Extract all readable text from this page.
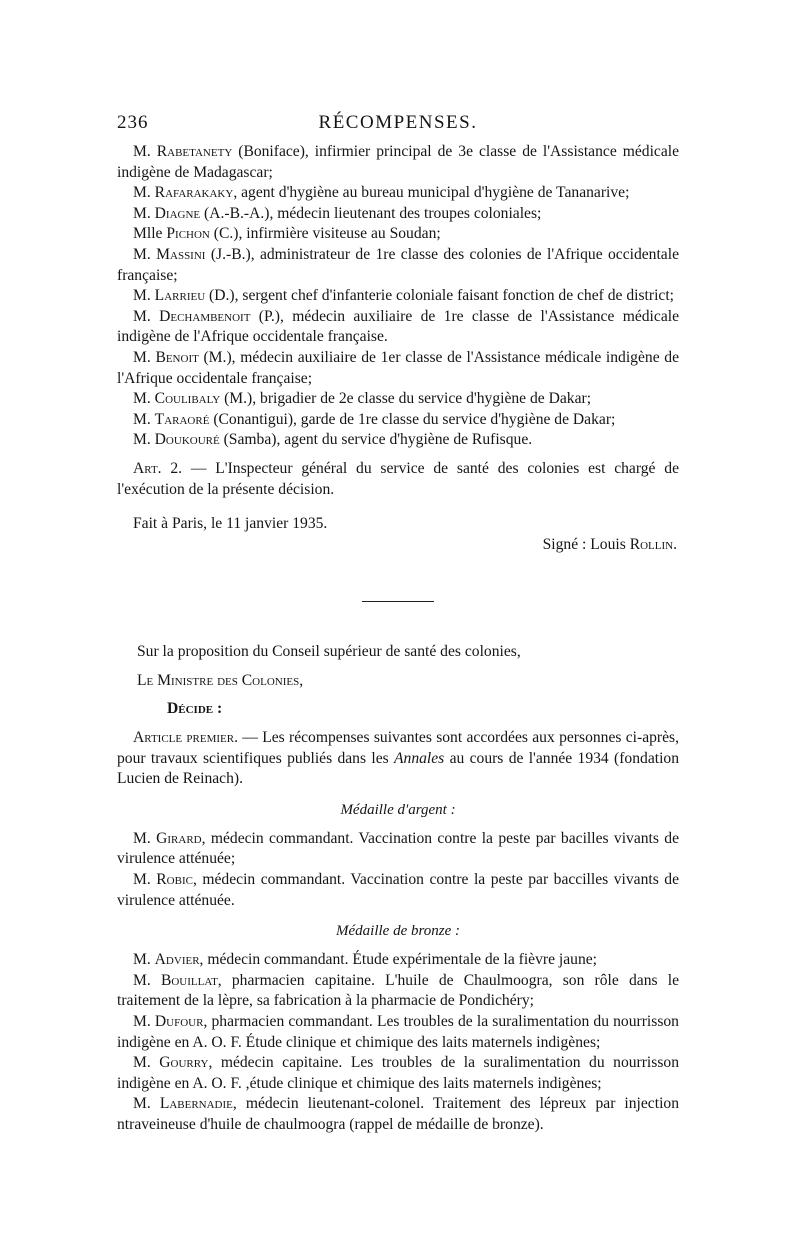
236	RÉCOMPENSES.

M. Rabetanety (Boniface), infirmier principal de 3e classe de l'Assistance médicale indigène de Madagascar;

M. Rafarakaky, agent d'hygiène au bureau municipal d'hygiène de Tananarive;

M. Diagne (A.-B.-A.), médecin lieutenant des troupes coloniales;

Mlle Pichon (C.), infirmière visiteuse au Soudan;

M. Massini (J.-B.), administrateur de 1re classe des colonies de l'Afrique occidentale française;

M. Larrieu (D.), sergent chef d'infanterie coloniale faisant fonction de chef de district;

M. Dechambenoit (P.), médecin auxiliaire de 1re classe de l'Assistance médicale indigène de l'Afrique occidentale française.

M. Benoit (M.), médecin auxiliaire de 1er classe de l'Assistance médicale indigène de l'Afrique occidentale française;

M. Coulibaly (M.), brigadier de 2e classe du service d'hygiène de Dakar;

M. Taraoré (Conantigui), garde de 1re classe du service d'hygiène de Dakar;

M. Doukouré (Samba), agent du service d'hygiène de Rufisque.

Art. 2. — L'Inspecteur général du service de santé des colonies est chargé de l'exécution de la présente décision.

Fait à Paris, le 11 janvier 1935.

Signé : Louis Rollin.

Sur la proposition du Conseil supérieur de santé des colonies,

Le Ministre des Colonies,

Décide :

Article premier. — Les récompenses suivantes sont accordées aux personnes ci-après, pour travaux scientifiques publiés dans les Annales au cours de l'année 1934 (fondation Lucien de Reinach).

Médaille d'argent :

M. Girard, médecin commandant. Vaccination contre la peste par bacilles vivants de virulence atténuée;

M. Robic, médecin commandant. Vaccination contre la peste par baccilles vivants de virulence atténuée.

Médaille de bronze :

M. Advier, médecin commandant. Étude expérimentale de la fièvre jaune;

M. Bouillat, pharmacien capitaine. L'huile de Chaulmoogra, son rôle dans le traitement de la lèpre, sa fabrication à la pharmacie de Pondichéry;

M. Dufour, pharmacien commandant. Les troubles de la suralimentation du nourrisson indigène en A. O. F. Étude clinique et chimique des laits maternels indigènes;

M. Gourry, médecin capitaine. Les troubles de la suralimentation du nourrisson indigène en A. O. F. ,étude clinique et chimique des laits maternels indigènes;

M. Labernadie, médecin lieutenant-colonel. Traitement des lépreux par injection ntraveineuse d'huile de chaulmoogra (rappel de médaille de bronze).
